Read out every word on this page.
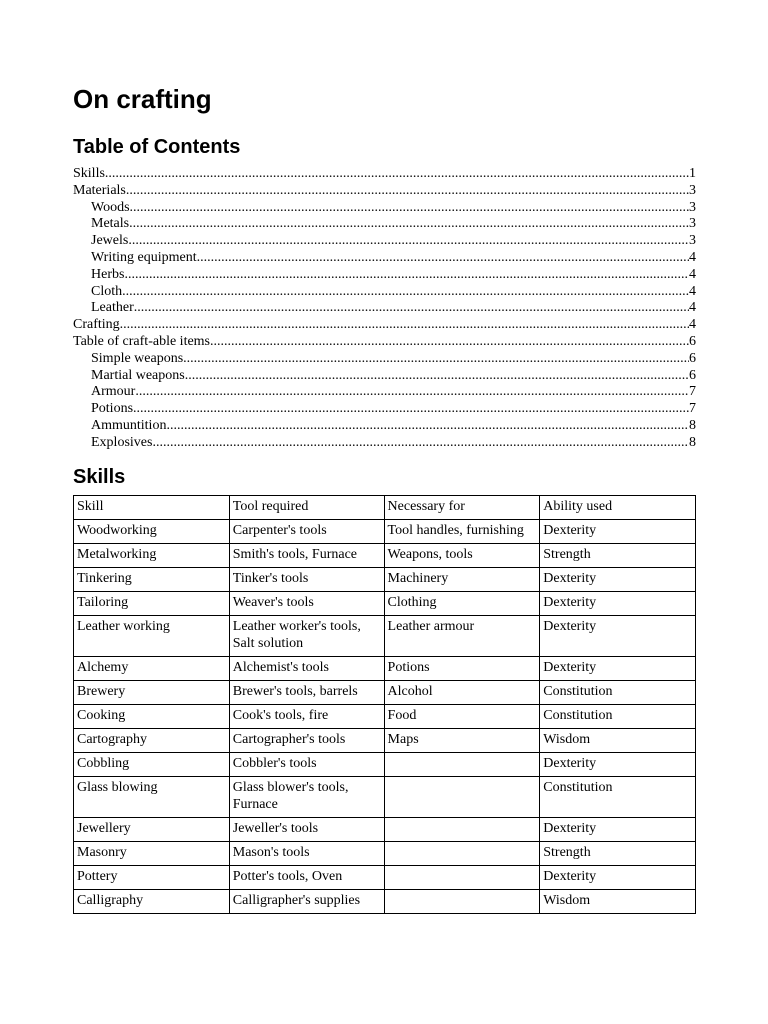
On crafting
Table of Contents
Skills .....	1
Materials .....	3
Woods .....	3
Metals .....	3
Jewels .....	3
Writing equipment .....	4
Herbs .....	4
Cloth .....	4
Leather .....	4
Crafting .....	4
Table of craft-able items .....	6
Simple weapons .....	6
Martial weapons .....	6
Armour .....	7
Potions .....	7
Ammuntition .....	8
Explosives .....	8
Skills
Skill	Tool required	Necessary for	Ability used
Woodworking	Carpenter's tools	Tool handles, furnishing	Dexterity
Metalworking	Smith's tools, Furnace	Weapons, tools	Strength
Tinkering	Tinker's tools	Machinery	Dexterity
Tailoring	Weaver's tools	Clothing	Dexterity
Leather working	Leather worker's tools, Salt solution	Leather armour	Dexterity
Alchemy	Alchemist's tools	Potions	Dexterity
Brewery	Brewer's tools, barrels	Alcohol	Constitution
Cooking	Cook's tools, fire	Food	Constitution
Cartography	Cartographer's tools	Maps	Wisdom
Cobbling	Cobbler's tools		Dexterity
Glass blowing	Glass blower's tools, Furnace		Constitution
Jewellery	Jeweller's tools		Dexterity
Masonry	Mason's tools		Strength
Pottery	Potter's tools, Oven		Dexterity
Calligraphy	Calligrapher's supplies		Wisdom
